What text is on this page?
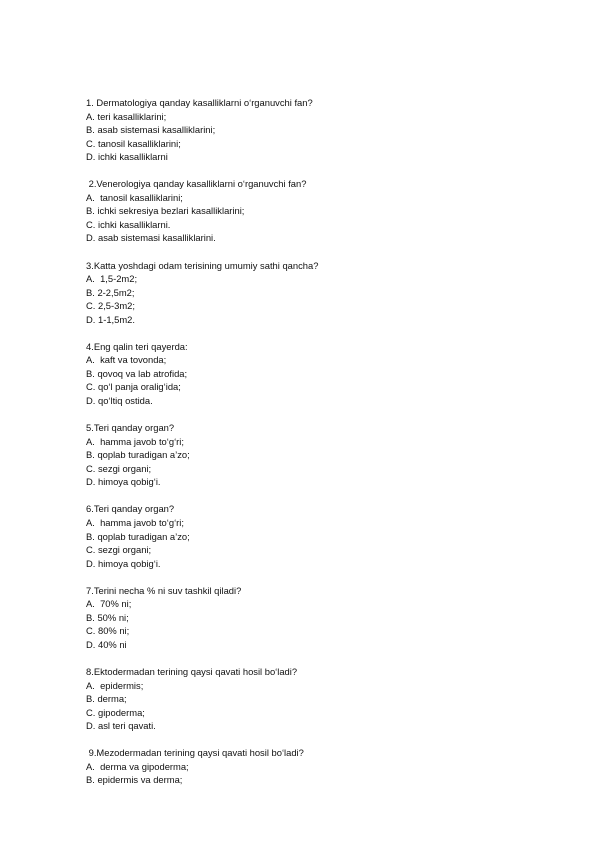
1. Dermatologiya qanday kasalliklarni o‘rganuvchi fan?
A. teri kasalliklarini;
B. asab sistemasi kasalliklarini;
C. tanosil kasalliklarini;
D. ichki kasalliklarni
2.Venerologiya qanday kasalliklarni o‘rganuvchi fan?
A.  tanosil kasalliklarini;
B. ichki sekresiya bezlari kasalliklarini;
C. ichki kasalliklarni.
D. asab sistemasi kasalliklarini.
3.Katta yoshdagi odam terisining umumiy sathi qancha?
A.  1,5-2m2;
B. 2-2,5m2;
C. 2,5-3m2;
D. 1-1,5m2.
4.Eng qalin teri qayerda:
A.  kaft va tovonda;
B. qovoq va lab atrofida;
C. qo‘l panja oralig‘ida;
D. qo‘ltiq ostida.
5.Teri qanday organ?
A.  hamma javob to‘g‘ri;
B. qoplab turadigan a’zo;
C. sezgi organi;
D. himoya qobig‘i.
6.Teri qanday organ?
A.  hamma javob to‘g‘ri;
B. qoplab turadigan a’zo;
C. sezgi organi;
D. himoya qobig‘i.
7.Terini necha % ni suv tashkil qiladi?
A.  70% ni;
B. 50% ni;
C. 80% ni;
D. 40% ni
8.Ektodermadan terining qaysi qavati hosil bo‘ladi?
A.  epidermis;
B. derma;
C. gipoderma;
D. asl teri qavati.
9.Mezodermadan terining qaysi qavati hosil bo‘ladi?
A.  derma va gipoderma;
B. epidermis va derma;
